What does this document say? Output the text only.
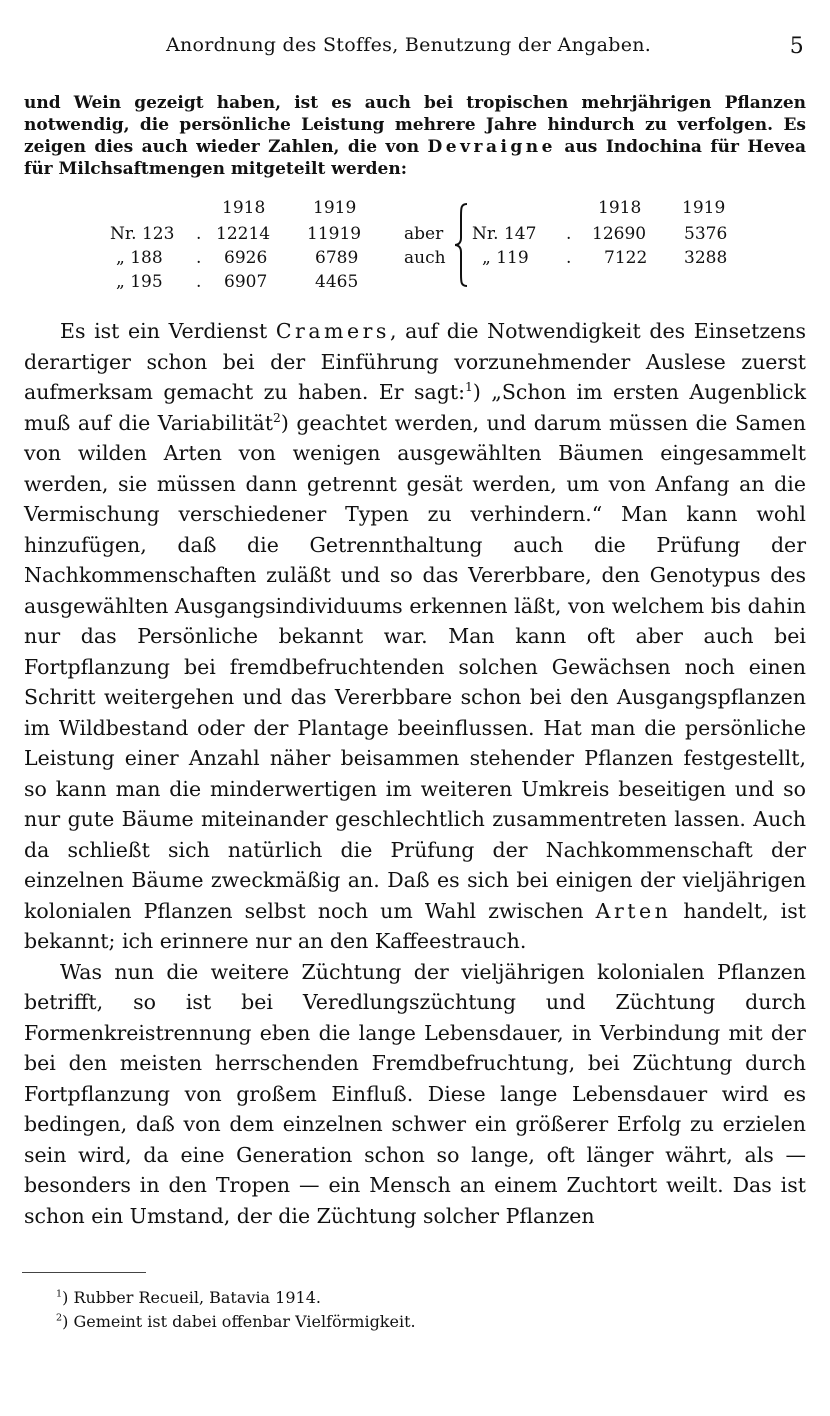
Anordnung des Stoffes, Benutzung der Angaben.	5

und Wein gezeigt haben, ist es auch bei tropischen mehrjährigen Pflanzen notwendig, die persönliche Leistung mehrere Jahre hindurch zu verfolgen. Es zeigen dies auch wieder Zahlen, die von Devraigne aus Indochina für Hevea für Milchsaftmengen mitgeteilt werden:

1918	1919
Nr. 123 . 12214 11919
„ 188 . 6926	6789
„ 195 . 6907	4465
aber
auch
1918 1919
Nr. 147 . 12690 5376
„ 119 . 7122 3288

Es ist ein Verdienst Cramers, auf die Notwendigkeit des Einsetzens derartiger schon bei der Einführung vorzunehmender Auslese zuerst aufmerksam gemacht zu haben. Er sagt:$^1$) „Schon im ersten Augenblick muß auf die Variabilität$^2$) geachtet werden, und darum müssen die Samen von wilden Arten von wenigen ausgewählten Bäumen eingesammelt werden, sie müssen dann getrennt gesät werden, um von Anfang an die Vermischung verschiedener Typen zu verhindern.“ Man kann wohl hinzufügen, daß die Getrennthaltung auch die Prüfung der Nachkommenschaften zuläßt und so das Vererbbare, den Genotypus des ausgewählten Ausgangsindividuums erkennen läßt, von welchem bis dahin nur das Persönliche bekannt war. Man kann oft aber auch bei Fortpflanzung bei fremdbefruchtenden solchen Gewächsen noch einen Schritt weitergehen und das Vererbbare schon bei den Ausgangspflanzen im Wildbestand oder der Plantage beeinflussen. Hat man die persönliche Leistung einer Anzahl näher beisammen stehender Pflanzen festgestellt, so kann man die minderwertigen im weiteren Umkreis beseitigen und so nur gute Bäume miteinander geschlechtlich zusammentreten lassen. Auch da schließt sich natürlich die Prüfung der Nachkommenschaft der einzelnen Bäume zweckmäßig an. Daß es sich bei einigen der vieljährigen kolonialen Pflanzen selbst noch um Wahl zwischen Arten handelt, ist bekannt; ich erinnere nur an den Kaffeestrauch.

Was nun die weitere Züchtung der vieljährigen kolonialen Pflanzen betrifft, so ist bei Veredlungszüchtung und Züchtung durch Formenkreistrennung eben die lange Lebensdauer, in Verbindung mit der bei den meisten herrschenden Fremdbefruchtung, bei Züchtung durch Fortpflanzung von großem Einfluß. Diese lange Lebensdauer wird es bedingen, daß von dem einzelnen schwer ein größerer Erfolg zu erzielen sein wird, da eine Generation schon so lange, oft länger währt, als — besonders in den Tropen — ein Mensch an einem Zuchtort weilt. Das ist schon ein Umstand, der die Züchtung solcher Pflanzen

$^1$) Rubber Recueil, Batavia 1914.
$^2$) Gemeint ist dabei offenbar Vielförmigkeit.
